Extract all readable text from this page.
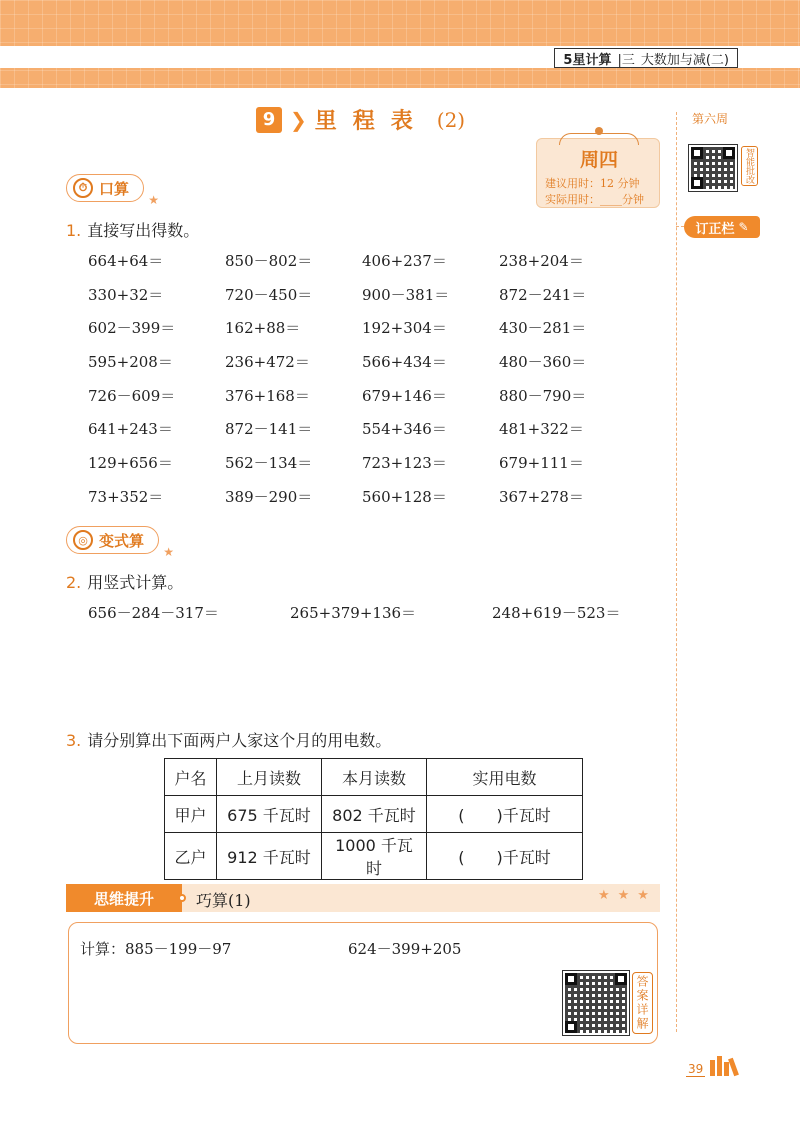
5星计算 |三 大数加与减(二)
9 ❯ 里程表 (2)
周四
建议用时：12 分钟
实际用时：____分钟
第六周
智能批改
订正栏 ✎
⏱ 口算
★
1. 直接写出得数。
664+64＝	850－802＝	406+237＝	238+204＝
330+32＝	720－450＝	900－381＝	872－241＝
602－399＝	162+88＝	192+304＝	430－281＝
595+208＝	236+472＝	566+434＝	480－360＝
726－609＝	376+168＝	679+146＝	880－790＝
641+243＝	872－141＝	554+346＝	481+322＝
129+656＝	562－134＝	723+123＝	679+111＝
73+352＝	389－290＝	560+128＝	367+278＝
◎ 变式算
★
2. 用竖式计算。
656－284－317＝	265+379+136＝	248+619－523＝
3. 请分别算出下面两户人家这个月的用电数。
户名	上月读数	本月读数	实用电数
甲户	675 千瓦时	802 千瓦时	(　　)千瓦时
乙户	912 千瓦时	1000 千瓦时	(　　)千瓦时
思维提升	巧算(1)	★★★
计算：885－199－97	624－399+205
答案详解
39
